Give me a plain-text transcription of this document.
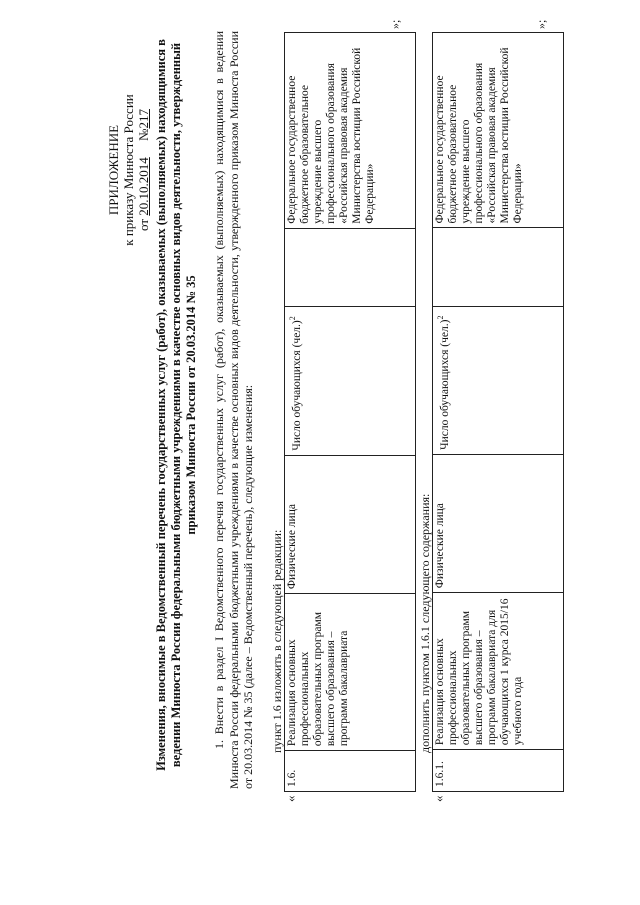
ПРИЛОЖЕНИЕ к приказу Минюста России от 20.10.2014     №217 Изменения, вносимые в Ведомственный перечень государственных услуг (работ), оказываемых (выполняемых) находящимися в ведении Минюста России федеральными бюджетными учреждениями в качестве основных видов деятельности, утвержденный приказом Минюста России от 20.03.2014 № 35 1. Внести в раздел I Ведомственного перечня государственных услуг (работ), оказываемых (выполняемых) находящимися в ведении Минюста России федеральными бюджетными учреждениями в качестве основных видов деятельности, утвержденного приказом Минюста России от 20.03.2014 № 35 (далее – Ведомственный перечень), следующие изменения: пункт 1.6 изложить в следующей редакции:
«
1.6.	Реализация основных профессиональных образовательных программ высшего образования – программ бакалавриата	Физические лица	Число обучающихся $(чел.)^2$		Федеральное государственное бюджетное образовательное учреждение высшего профессионального образования «Российская правовая академия Министерства юстиции Российской Федерации»
»;
дополнить пунктом 1.6.1 следующего содержания:
«
1.6.1.	Реализация основных профессиональных образовательных программ высшего образования – программ бакалавриата для обучающихся 1 курса 2015/16 учебного года	Физические лица	Число обучающихся $(чел.)^2$		Федеральное государственное бюджетное образовательное учреждение высшего профессионального образования «Российская правовая академия Министерства юстиции Российской Федерации»
»;
